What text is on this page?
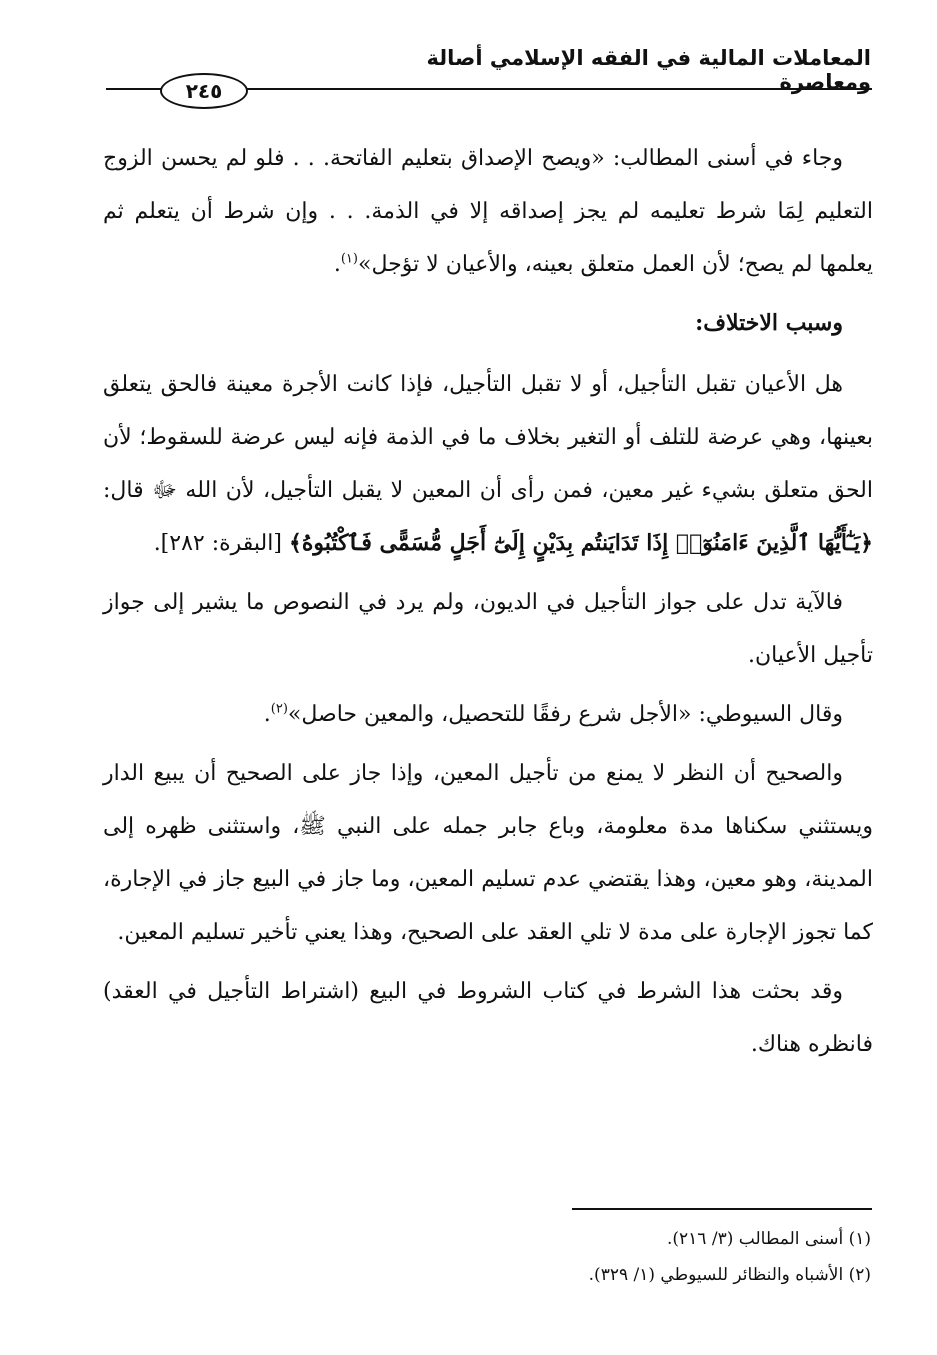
المعاملات المالية في الفقه الإسلامي أصالة ومعاصرة
٢٤٥

وجاء في أسنى المطالب: «ويصح الإصداق بتعليم الفاتحة. . . فلو لم يحسن الزوج التعليم لِمَا شرط تعليمه لم يجز إصداقه إلا في الذمة. . . وإن شرط أن يتعلم ثم يعلمها لم يصح؛ لأن العمل متعلق بعينه، والأعيان لا تؤجل»$^{(١)}$.

وسبب الاختلاف:

هل الأعيان تقبل التأجيل، أو لا تقبل التأجيل، فإذا كانت الأجرة معينة فالحق يتعلق بعينها، وهي عرضة للتلف أو التغير بخلاف ما في الذمة فإنه ليس عرضة للسقوط؛ لأن الحق متعلق بشيء غير معين، فمن رأى أن المعين لا يقبل التأجيل، لأن الله ﷻ قال: ﴿يَـٰٓأَيُّهَا ٱلَّذِينَ ءَامَنُوٓا۟ إِذَا تَدَايَنتُم بِدَيْنٍ إِلَىٰٓ أَجَلٍ مُّسَمًّى فَٱكْتُبُوهُ﴾ [البقرة: ٢٨٢].

فالآية تدل على جواز التأجيل في الديون، ولم يرد في النصوص ما يشير إلى جواز تأجيل الأعيان.

وقال السيوطي: «الأجل شرع رفقًا للتحصيل، والمعين حاصل»$^{(٢)}$.

والصحيح أن النظر لا يمنع من تأجيل المعين، وإذا جاز على الصحيح أن يبيع الدار ويستثني سكناها مدة معلومة، وباع جابر جمله على النبي ﷺ، واستثنى ظهره إلى المدينة، وهو معين، وهذا يقتضي عدم تسليم المعين، وما جاز في البيع جاز في الإجارة، كما تجوز الإجارة على مدة لا تلي العقد على الصحيح، وهذا يعني تأخير تسليم المعين.

وقد بحثت هذا الشرط في كتاب الشروط في البيع (اشتراط التأجيل في العقد) فانظره هناك.

(١) أسنى المطالب (٣/ ٢١٦).
(٢) الأشباه والنظائر للسيوطي (١/ ٣٢٩).
